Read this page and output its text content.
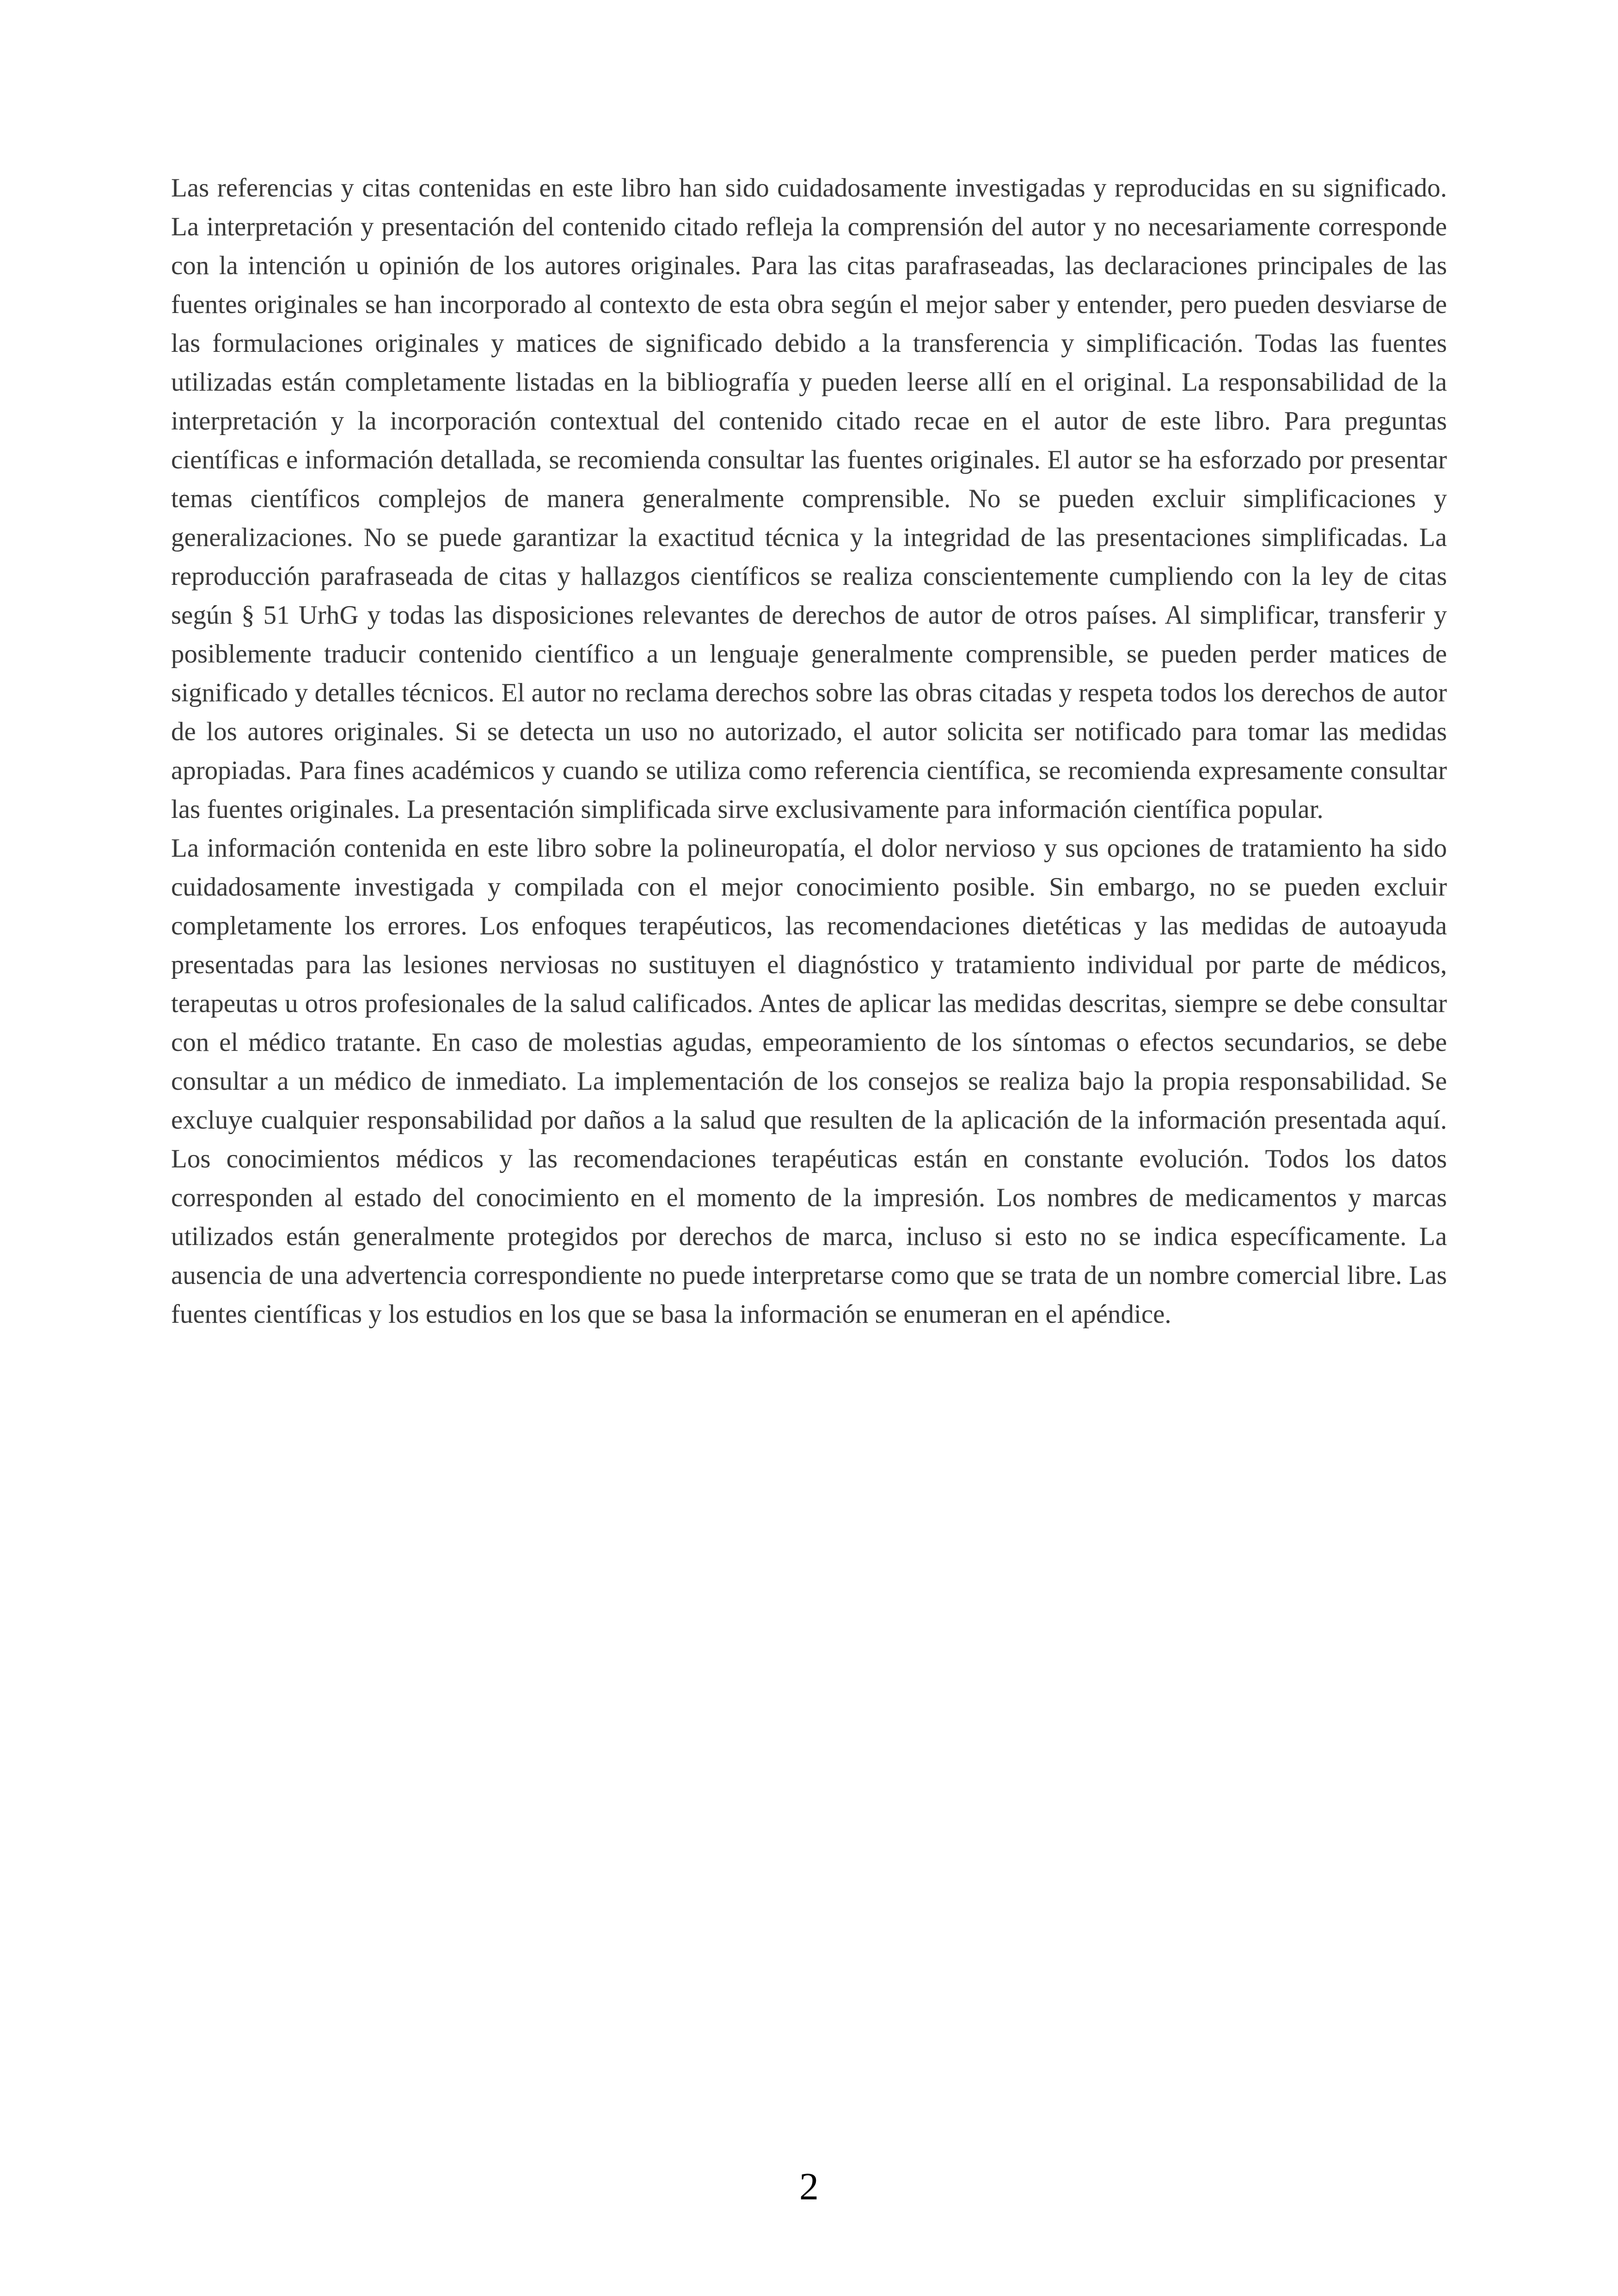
Las referencias y citas contenidas en este libro han sido cuidadosamente investigadas y reproducidas en su significado. La interpretación y presentación del contenido citado refleja la comprensión del autor y no necesariamente corresponde con la intención u opinión de los autores originales. Para las citas parafraseadas, las declaraciones principales de las fuentes originales se han incorporado al contexto de esta obra según el mejor saber y entender, pero pueden desviarse de las formulaciones originales y matices de significado debido a la transferencia y simplificación. Todas las fuentes utilizadas están completamente listadas en la bibliografía y pueden leerse allí en el original. La responsabilidad de la interpretación y la incorporación contextual del contenido citado recae en el autor de este libro. Para preguntas científicas e información detallada, se recomienda consultar las fuentes originales. El autor se ha esforzado por presentar temas científicos complejos de manera generalmente comprensible. No se pueden excluir simplificaciones y generalizaciones. No se puede garantizar la exactitud técnica y la integridad de las presentaciones simplificadas. La reproducción parafraseada de citas y hallazgos científicos se realiza conscientemente cumpliendo con la ley de citas según § 51 UrhG y todas las disposiciones relevantes de derechos de autor de otros países. Al simplificar, transferir y posiblemente traducir contenido científico a un lenguaje generalmente comprensible, se pueden perder matices de significado y detalles técnicos. El autor no reclama derechos sobre las obras citadas y respeta todos los derechos de autor de los autores originales. Si se detecta un uso no autorizado, el autor solicita ser notificado para tomar las medidas apropiadas. Para fines académicos y cuando se utiliza como referencia científica, se recomienda expresamente consultar las fuentes originales. La presentación simplificada sirve exclusivamente para información científica popular.

La información contenida en este libro sobre la polineuropatía, el dolor nervioso y sus opciones de tratamiento ha sido cuidadosamente investigada y compilada con el mejor conocimiento posible. Sin embargo, no se pueden excluir completamente los errores. Los enfoques terapéuticos, las recomendaciones dietéticas y las medidas de autoayuda presentadas para las lesiones nerviosas no sustituyen el diagnóstico y tratamiento individual por parte de médicos, terapeutas u otros profesionales de la salud calificados. Antes de aplicar las medidas descritas, siempre se debe consultar con el médico tratante. En caso de molestias agudas, empeoramiento de los síntomas o efectos secundarios, se debe consultar a un médico de inmediato. La implementación de los consejos se realiza bajo la propia responsabilidad. Se excluye cualquier responsabilidad por daños a la salud que resulten de la aplicación de la información presentada aquí. Los conocimientos médicos y las recomendaciones terapéuticas están en constante evolución. Todos los datos corresponden al estado del conocimiento en el momento de la impresión. Los nombres de medicamentos y marcas utilizados están generalmente protegidos por derechos de marca, incluso si esto no se indica específicamente. La ausencia de una advertencia correspondiente no puede interpretarse como que se trata de un nombre comercial libre. Las fuentes científicas y los estudios en los que se basa la información se enumeran en el apéndice.

2
